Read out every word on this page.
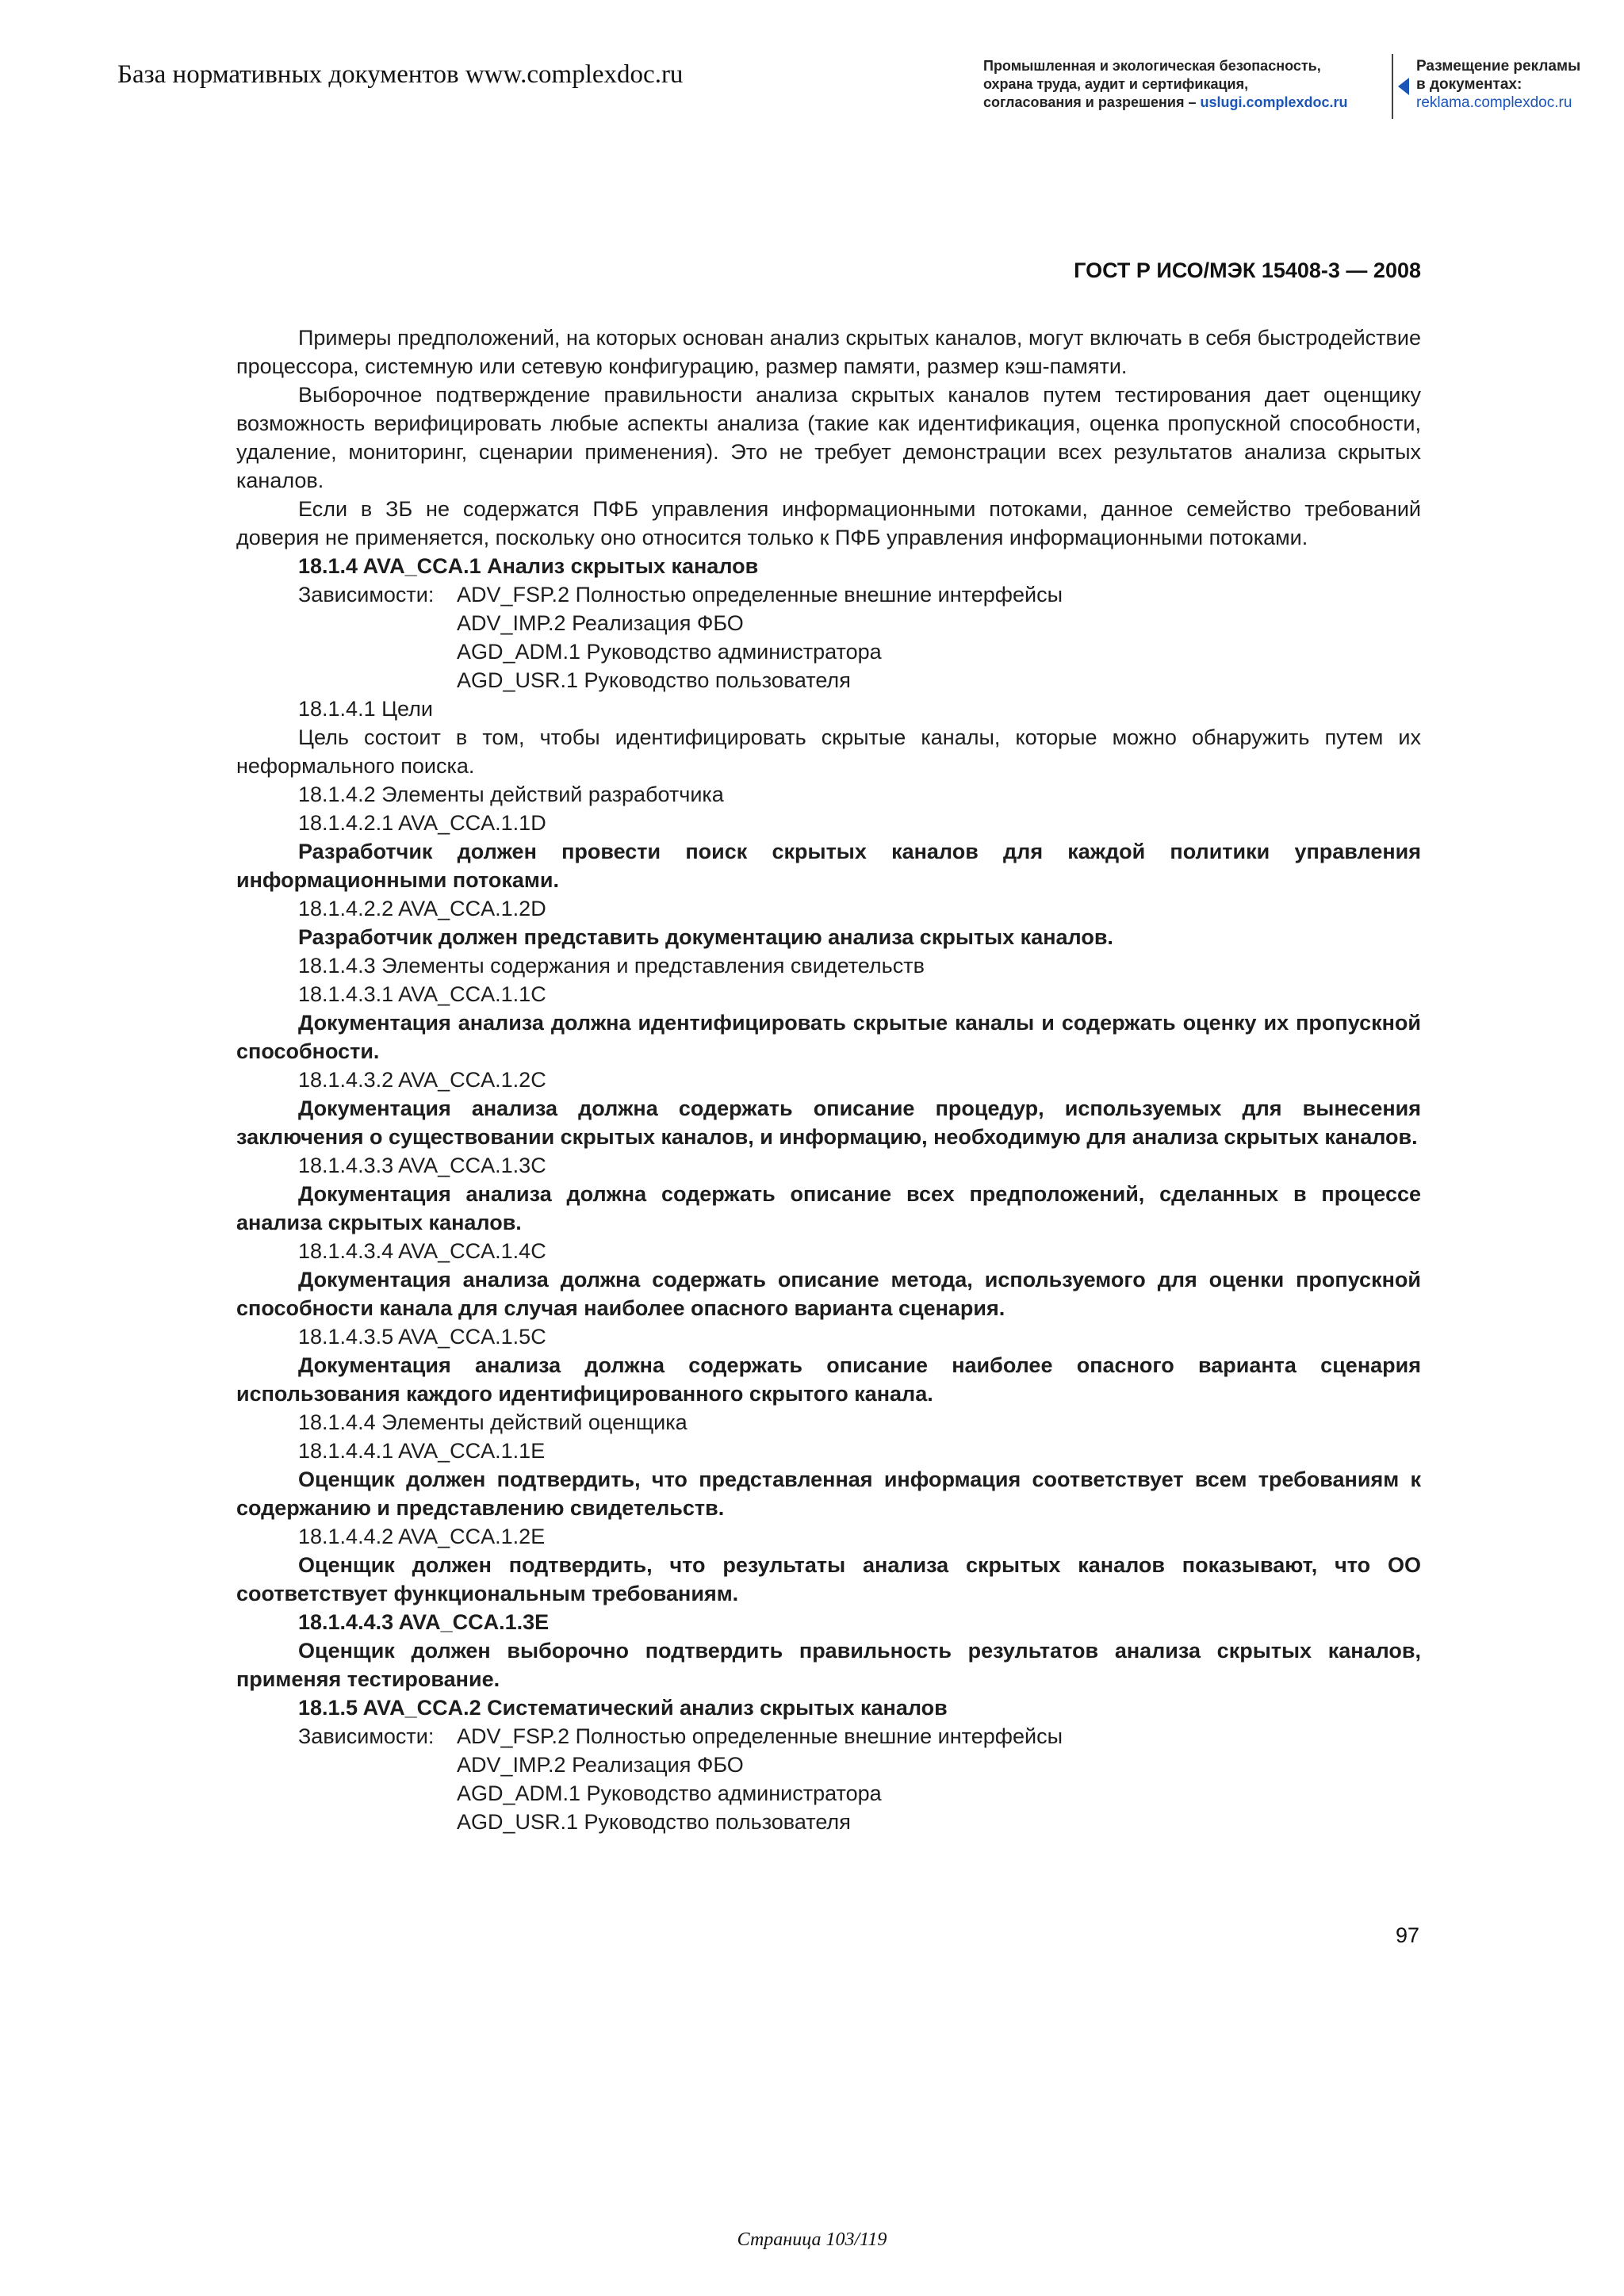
База нормативных документов www.complexdoc.ru	Промышленная и экологическая безопасность,
охрана труда, аудит и сертификация,
согласования и разрешения – uslugi.complexdoc.ru
Размещение рекламы
в документах:
reklama.complexdoc.ru
ГОСТ Р ИСО/МЭК 15408-3 — 2008

Примеры предположений, на которых основан анализ скрытых каналов, могут включать в себя быстродействие процессора, системную или сетевую конфигурацию, размер памяти, размер кэш-памяти.

Выборочное подтверждение правильности анализа скрытых каналов путем тестирования дает оценщику возможность верифицировать любые аспекты анализа (такие как идентификация, оценка пропускной способности, удаление, мониторинг, сценарии применения). Это не требует демонстрации всех результатов анализа скрытых каналов.

Если в ЗБ не содержатся ПФБ управления информационными потоками, данное семейство требований доверия не применяется, поскольку оно относится только к ПФБ управления информационными потоками.

18.1.4 AVA_CCA.1 Анализ скрытых каналов

Зависимости:	ADV_FSP.2 Полностью определенные внешние интерфейсы
ADV_IMP.2 Реализация ФБО
AGD_ADM.1 Руководство администратора
AGD_USR.1 Руководство пользователя

18.1.4.1 Цели

Цель состоит в том, чтобы идентифицировать скрытые каналы, которые можно обнаружить путем их неформального поиска.

18.1.4.2 Элементы действий разработчика

18.1.4.2.1 AVA_CCA.1.1D

Разработчик должен провести поиск скрытых каналов для каждой политики управления информационными потоками.

18.1.4.2.2 AVA_CCA.1.2D

Разработчик должен представить документацию анализа скрытых каналов.

18.1.4.3 Элементы содержания и представления свидетельств

18.1.4.3.1 AVA_CCA.1.1C

Документация анализа должна идентифицировать скрытые каналы и содержать оценку их пропускной способности.

18.1.4.3.2 AVA_CCA.1.2C

Документация анализа должна содержать описание процедур, используемых для вынесения заключения о существовании скрытых каналов, и информацию, необходимую для анализа скрытых каналов.

18.1.4.3.3 AVA_CCA.1.3C

Документация анализа должна содержать описание всех предположений, сделанных в процессе анализа скрытых каналов.

18.1.4.3.4 AVA_CCA.1.4C

Документация анализа должна содержать описание метода, используемого для оценки пропускной способности канала для случая наиболее опасного варианта сценария.

18.1.4.3.5 AVA_CCA.1.5C

Документация анализа должна содержать описание наиболее опасного варианта сценария использования каждого идентифицированного скрытого канала.

18.1.4.4 Элементы действий оценщика

18.1.4.4.1 AVA_CCA.1.1E

Оценщик должен подтвердить, что представленная информация соответствует всем требованиям к содержанию и представлению свидетельств.

18.1.4.4.2 AVA_CCA.1.2E

Оценщик должен подтвердить, что результаты анализа скрытых каналов показывают, что ОО соответствует функциональным требованиям.

18.1.4.4.3 AVA_CCA.1.3E

Оценщик должен выборочно подтвердить правильность результатов анализа скрытых каналов, применяя тестирование.

18.1.5 AVA_CCA.2 Систематический анализ скрытых каналов

Зависимости:	ADV_FSP.2 Полностью определенные внешние интерфейсы
ADV_IMP.2 Реализация ФБО
AGD_ADM.1 Руководство администратора
AGD_USR.1 Руководство пользователя
97
Страница 103/119
